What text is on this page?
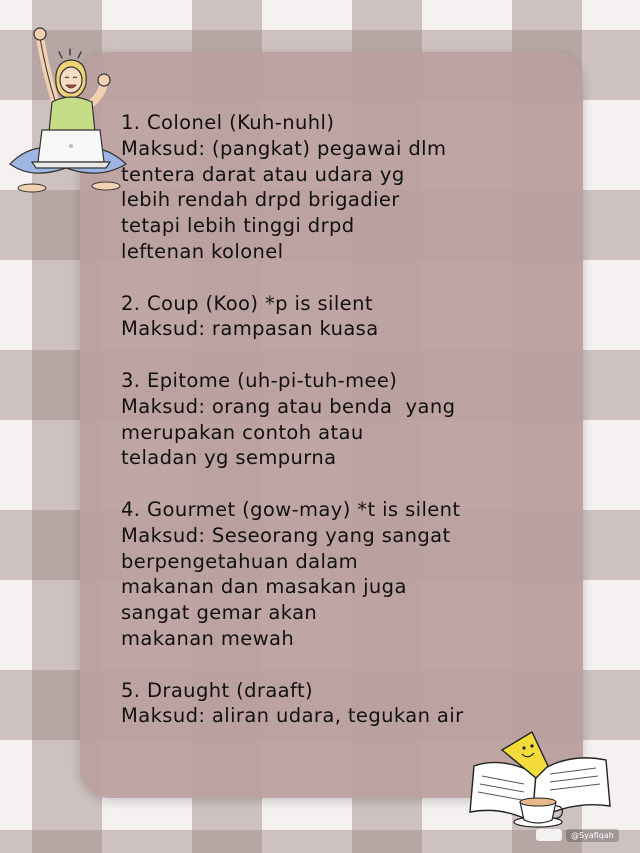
1. Colonel (Kuh-nuhl)
Maksud: (pangkat) pegawai dlm
tentera darat atau udara yg
lebih rendah drpd brigadier
tetapi lebih tinggi drpd
leftenan kolonel
2. Coup (Koo) *p is silent
Maksud: rampasan kuasa
3. Epitome (uh-pi-tuh-mee)
Maksud: orang atau benda  yang
merupakan contoh atau
teladan yg sempurna
4. Gourmet (gow-may) *t is silent
Maksud: Seseorang yang sangat
berpengetahuan dalam
makanan dan masakan juga
sangat gemar akan
makanan mewah
5. Draught (draaft)
Maksud: aliran udara, tegukan air
@Syafiqah
